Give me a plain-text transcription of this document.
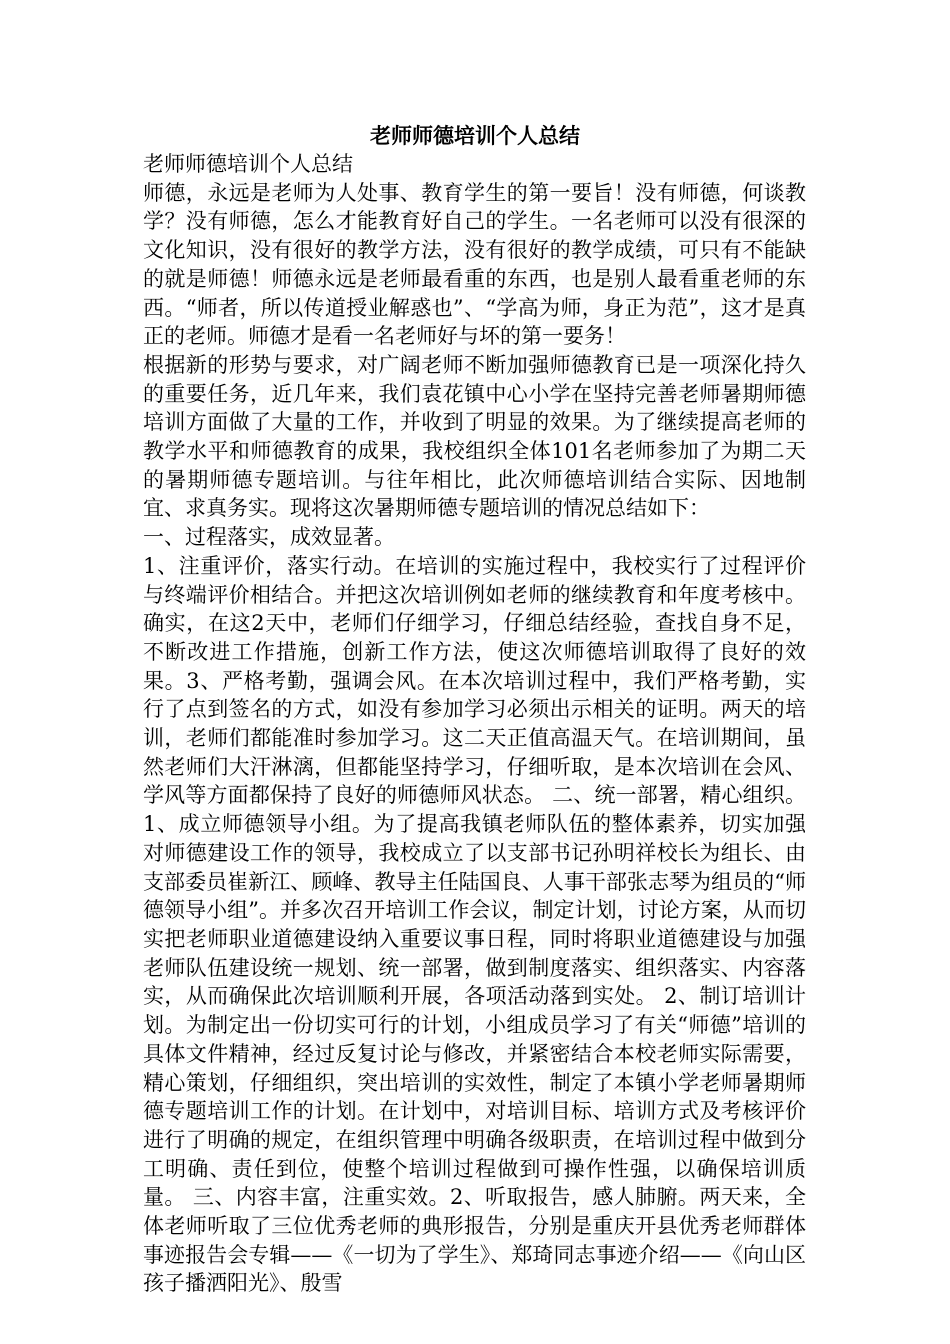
老师师德培训个人总结

老师师德培训个人总结

师德，永远是老师为人处事、教育学生的第一要旨！没有师德，何谈教学？没有师德，怎么才能教育好自己的学生。一名老师可以没有很深的文化知识，没有很好的教学方法，没有很好的教学成绩，可只有不能缺的就是师德！师德永远是老师最看重的东西，也是别人最看重老师的东西。“师者，所以传道授业解惑也”、“学高为师，身正为范”，这才是真正的老师。师德才是看一名老师好与坏的第一要务！

根据新的形势与要求，对广阔老师不断加强师德教育已是一项深化持久的重要任务，近几年来，我们袁花镇中心小学在坚持完善老师暑期师德培训方面做了大量的工作，并收到了明显的效果。为了继续提高老师的教学水平和师德教育的成果，我校组织全体101名老师参加了为期二天的暑期师德专题培训。与往年相比，此次师德培训结合实际、因地制宜、求真务实。现将这次暑期师德专题培训的情况总结如下：

一、过程落实，成效显著。

1、注重评价，落实行动。在培训的实施过程中，我校实行了过程评价与终端评价相结合。并把这次培训例如老师的继续教育和年度考核中。确实，在这2天中，老师们仔细学习，仔细总结经验，查找自身不足，不断改进工作措施，创新工作方法，使这次师德培训取得了良好的效果。3、严格考勤，强调会风。在本次培训过程中，我们严格考勤，实行了点到签名的方式，如没有参加学习必须出示相关的证明。两天的培训，老师们都能准时参加学习。这二天正值高温天气。在培训期间，虽然老师们大汗淋漓，但都能坚持学习，仔细听取，是本次培训在会风、学风等方面都保持了良好的师德师风状态。 二、统一部署，精心组织。 1、成立师德领导小组。为了提高我镇老师队伍的整体素养，切实加强对师德建设工作的领导，我校成立了以支部书记孙明祥校长为组长、由支部委员崔新江、顾峰、教导主任陆国良、人事干部张志琴为组员的“师德领导小组”。并多次召开培训工作会议，制定计划，讨论方案，从而切实把老师职业道德建设纳入重要议事日程，同时将职业道德建设与加强老师队伍建设统一规划、统一部署，做到制度落实、组织落实、内容落实，从而确保此次培训顺利开展，各项活动落到实处。 2、制订培训计划。为制定出一份切实可行的计划，小组成员学习了有关“师德”培训的具体文件精神，经过反复讨论与修改，并紧密结合本校老师实际需要，精心策划，仔细组织，突出培训的实效性，制定了本镇小学老师暑期师德专题培训工作的计划。在计划中，对培训目标、培训方式及考核评价进行了明确的规定，在组织管理中明确各级职责，在培训过程中做到分工明确、责任到位，使整个培训过程做到可操作性强，以确保培训质量。 三、内容丰富，注重实效。2、听取报告，感人肺腑。两天来，全体老师听取了三位优秀老师的典形报告，分别是重庆开县优秀老师群体事迹报告会专辑——《一切为了学生》、郑琦同志事迹介绍——《向山区孩子播洒阳光》、殷雪
